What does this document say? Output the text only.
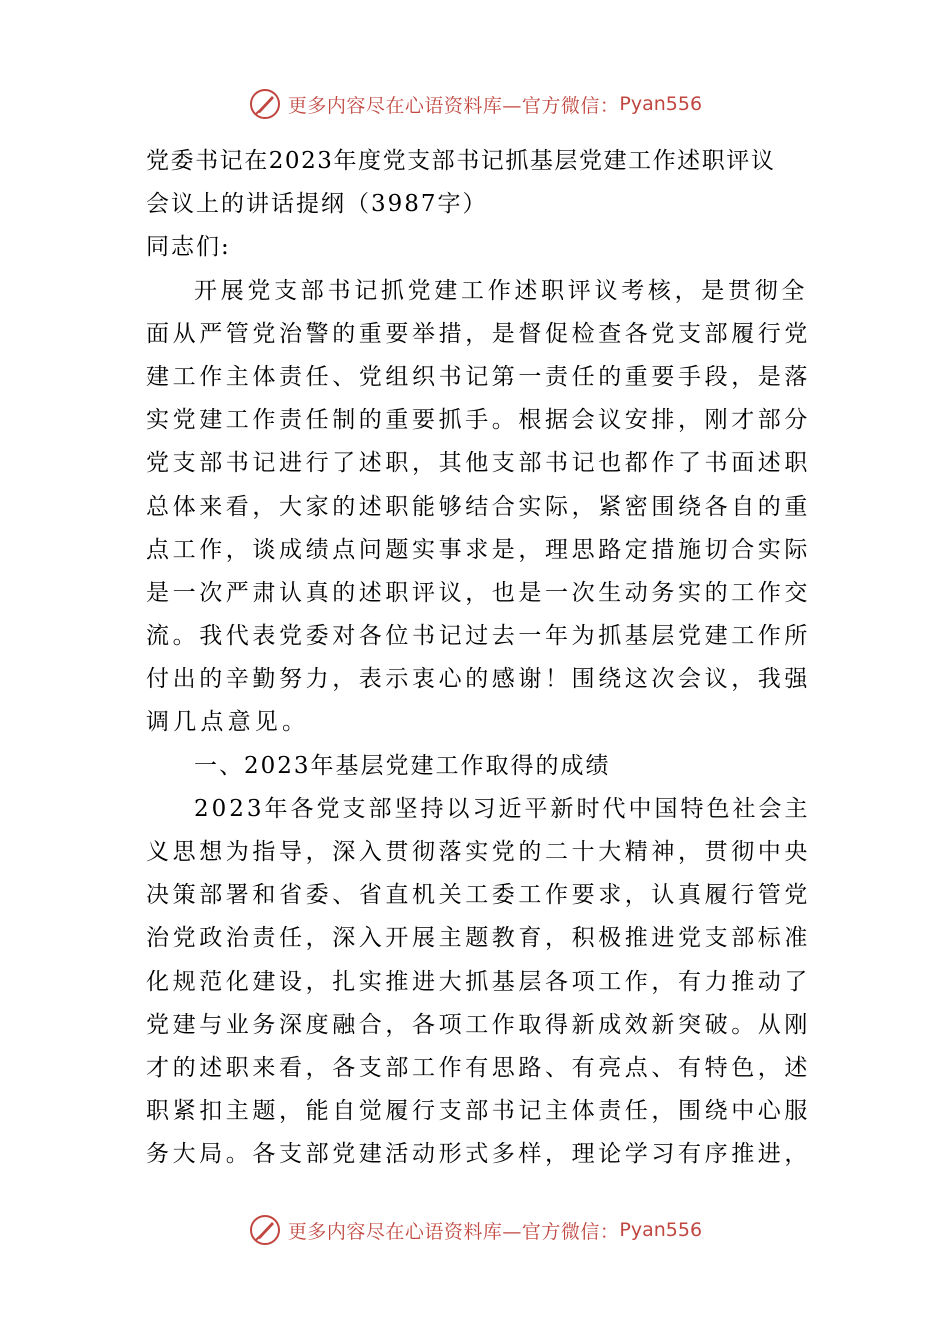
更多内容尽在心语资料库—官方微信： Pyan556
党委书记在2023年度党支部书记抓基层党建工作述职评议
会议上的讲话提纲（3987字）
同志们:
开展党支部书记抓党建工作述职评议考核，是贯彻全
面从严管党治警的重要举措，是督促检查各党支部履行党
建工作主体责任、党组织书记第一责任的重要手段，是落
实党建工作责任制的重要抓手。根据会议安排，刚才部分
党支部书记进行了述职，其他支部书记也都作了书面述职
总体来看，大家的述职能够结合实际，紧密围绕各自的重
点工作，谈成绩点问题实事求是，理思路定措施切合实际
是一次严肃认真的述职评议，也是一次生动务实的工作交
流。我代表党委对各位书记过去一年为抓基层党建工作所
付出的辛勤努力，表示衷心的感谢！围绕这次会议，我强
调几点意见。
一、2023年基层党建工作取得的成绩
2023年各党支部坚持以习近平新时代中国特色社会主
义思想为指导，深入贯彻落实党的二十大精神，贯彻中央
决策部署和省委、省直机关工委工作要求，认真履行管党
治党政治责任，深入开展主题教育，积极推进党支部标准
化规范化建设，扎实推进大抓基层各项工作，有力推动了
党建与业务深度融合，各项工作取得新成效新突破。从刚
才的述职来看，各支部工作有思路、有亮点、有特色，述
职紧扣主题，能自觉履行支部书记主体责任，围绕中心服
务大局。各支部党建活动形式多样，理论学习有序推进，
更多内容尽在心语资料库—官方微信： Pyan556
